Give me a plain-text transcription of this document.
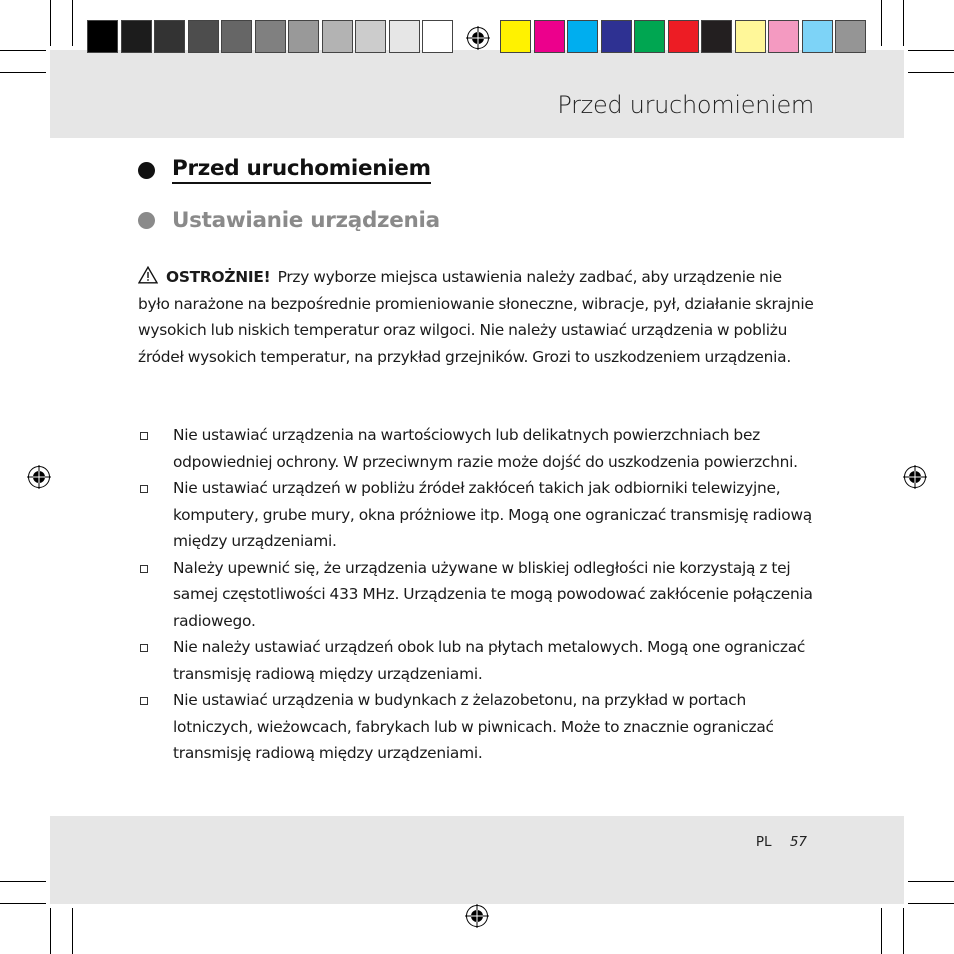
Przed uruchomieniem
Przed uruchomieniem
Ustawianie urządzenia
OSTROŻNIE! Przy wyborze miejsca ustawienia należy zadbać, aby urządzenie nie było narażone na bezpośrednie promieniowanie słoneczne, wibracje, pył, działanie skrajnie wysokich lub niskich temperatur oraz wilgoci. Nie należy ustawiać urządzenia w pobliżu źródeł wysokich temperatur, na przykład grzejników. Grozi to uszkodzeniem urządzenia.
Nie ustawiać urządzenia na wartościowych lub delikatnych powierzchniach bez odpowiedniej ochrony. W przeciwnym razie może dojść do uszkodzenia powierzchni.
Nie ustawiać urządzeń w pobliżu źródeł zakłóceń takich jak odbiorniki telewizyjne, komputery, grube mury, okna próżniowe itp. Mogą one ograniczać transmisję radiową między urządzeniami.
Należy upewnić się, że urządzenia używane w bliskiej odległości nie korzystają z tej samej częstotliwości 433 MHz. Urządzenia te mogą powodować zakłócenie połączenia radiowego.
Nie należy ustawiać urządzeń obok lub na płytach metalowych. Mogą one ograniczać transmisję radiową między urządzeniami.
Nie ustawiać urządzenia w budynkach z żelazobetonu, na przykład w portach lotniczych, wieżowcach, fabrykach lub w piwnicach. Może to znacznie ograniczać transmisję radiową między urządzeniami.
PL 57
